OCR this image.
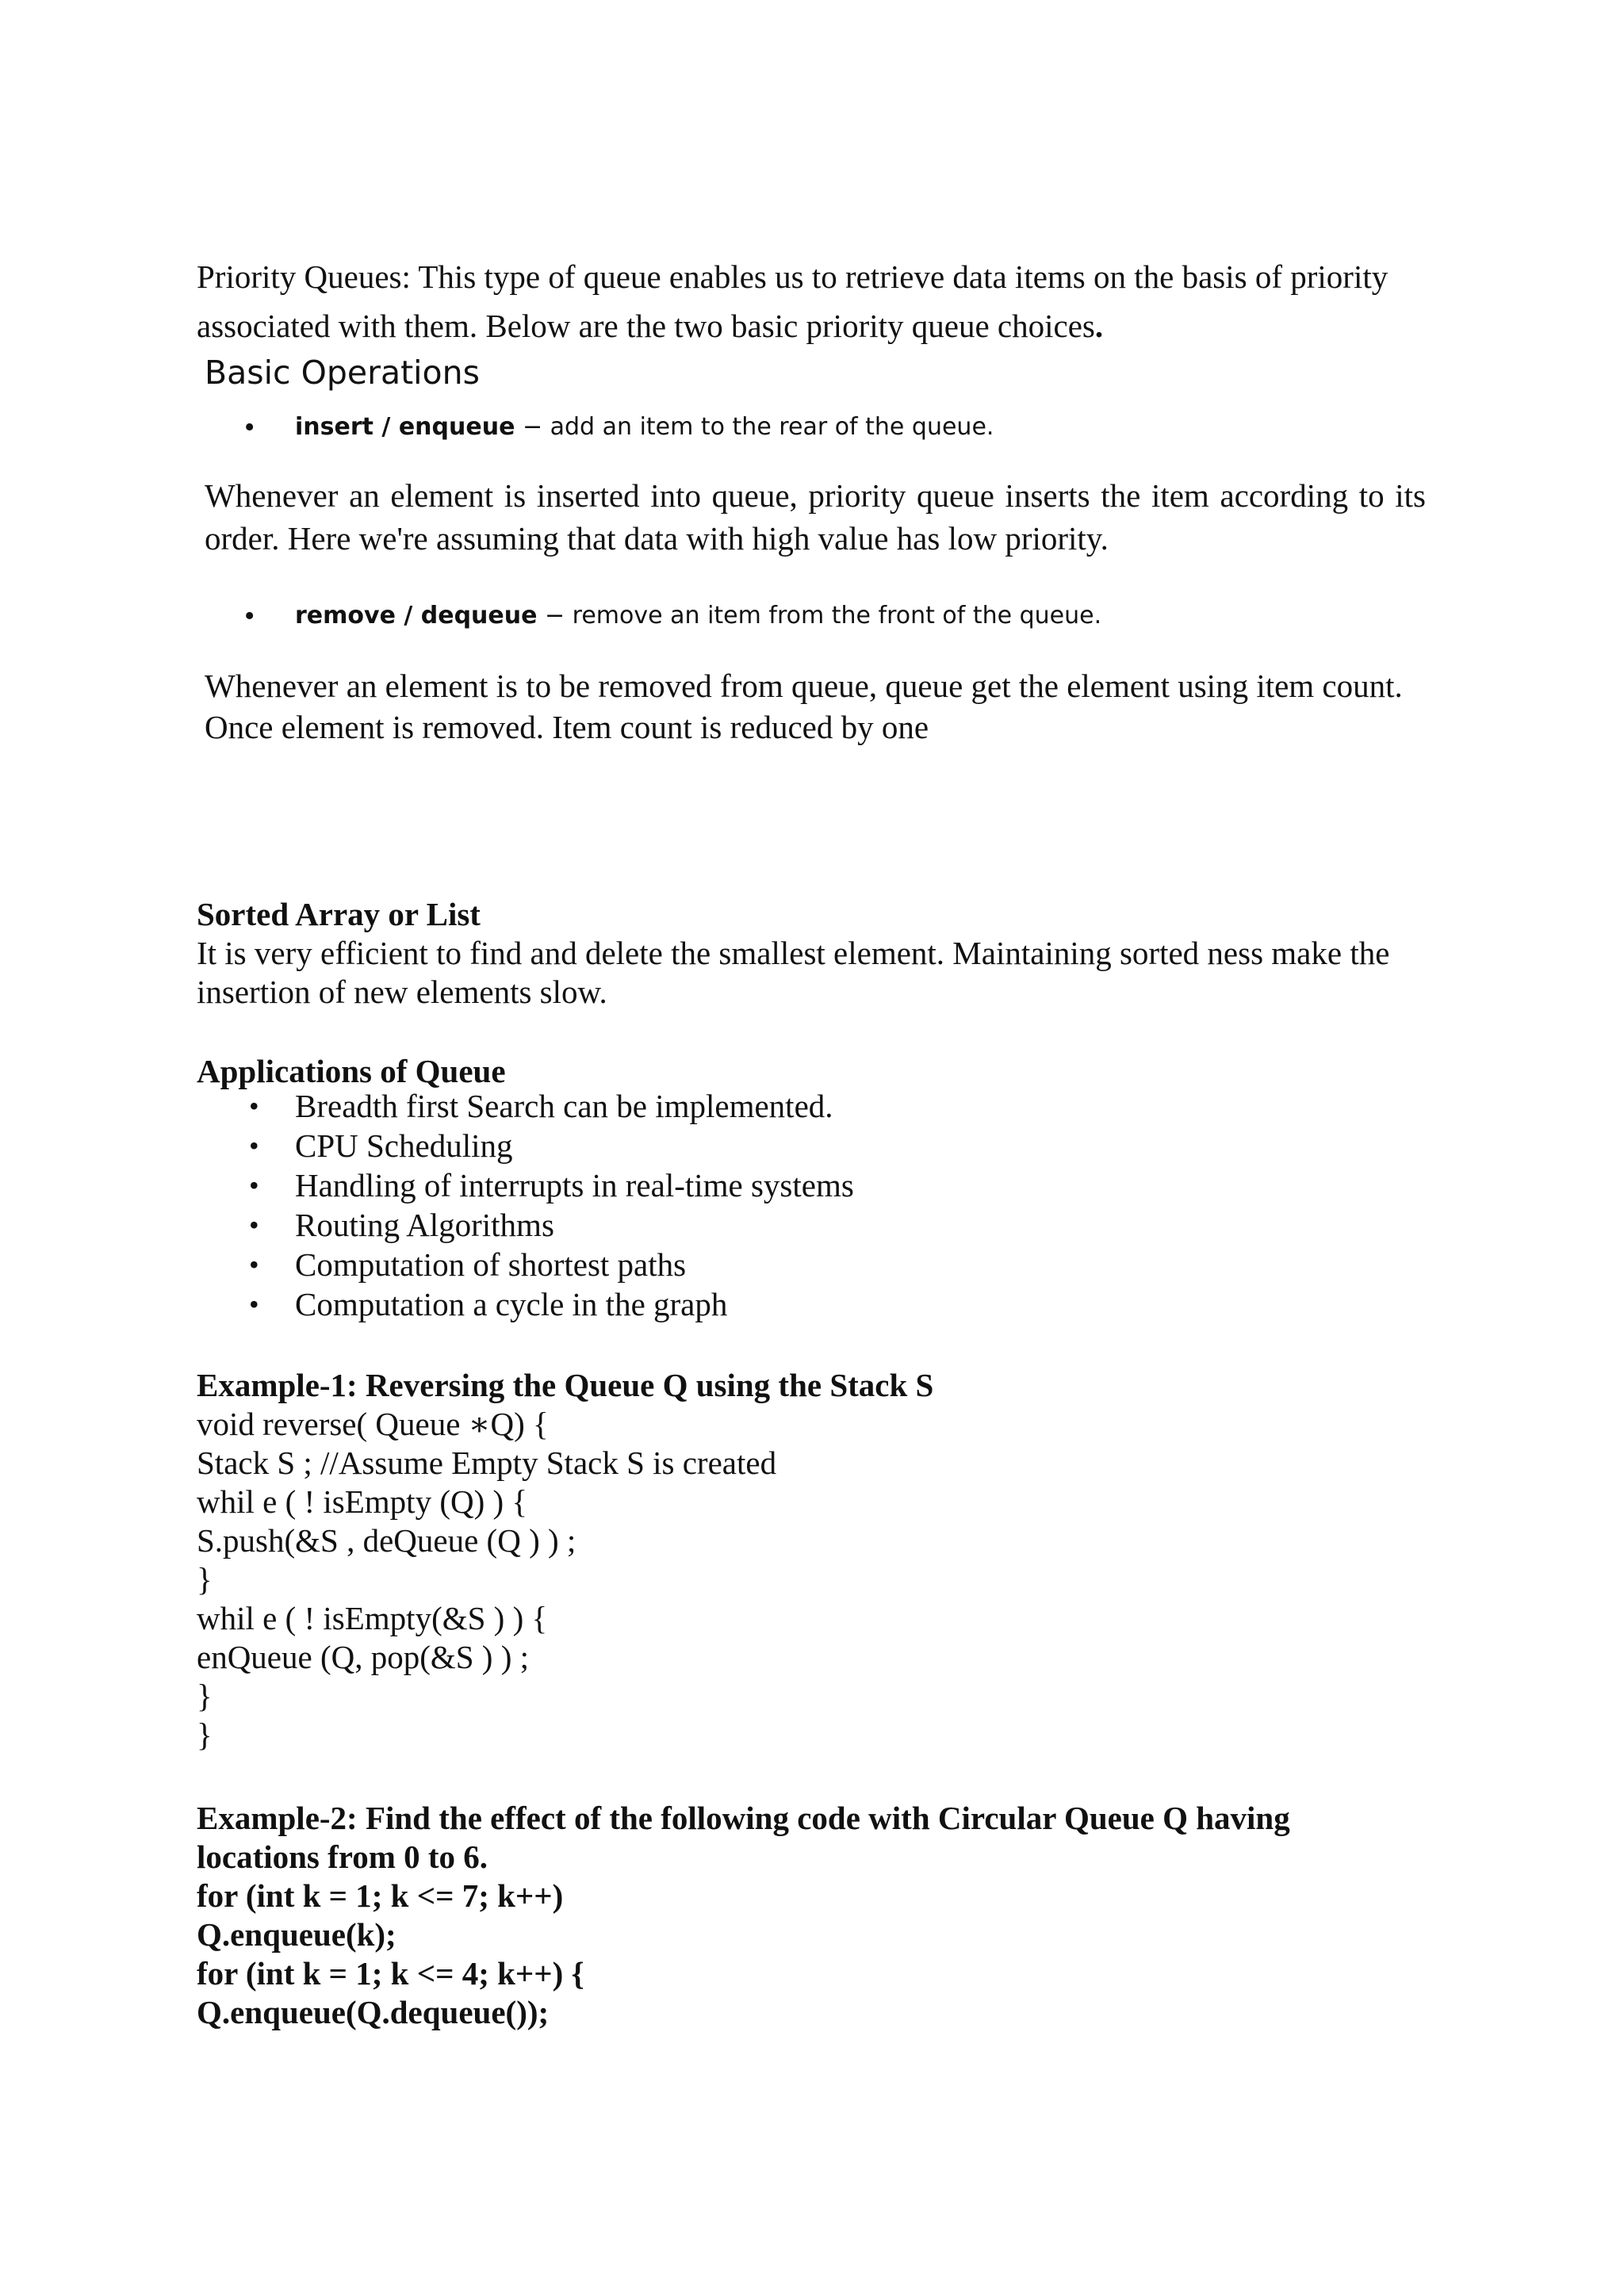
Priority Queues: This type of queue enables us to retrieve data items on the basis of priority
associated with them. Below are the two basic priority queue choices.
Basic Operations
• insert / enqueue − add an item to the rear of the queue.
Whenever an element is inserted into queue, priority queue inserts the item according to its order. Here we're assuming that data with high value has low priority.
• remove / dequeue − remove an item from the front of the queue.
Whenever an element is to be removed from queue, queue get the element using item count.
Once element is removed. Item count is reduced by one
Sorted Array or List
It is very efficient to find and delete the smallest element. Maintaining sorted ness make the
insertion of new elements slow.
Applications of Queue
• Breadth first Search can be implemented.
• CPU Scheduling
• Handling of interrupts in real-time systems
• Routing Algorithms
• Computation of shortest paths
• Computation a cycle in the graph
Example-1: Reversing the Queue Q using the Stack S
void reverse( Queue ∗Q) {
Stack S ; //Assume Empty Stack S is created
whil e ( ! isEmpty (Q) ) {
S.push(&S , deQueue (Q ) ) ;
}
whil e ( ! isEmpty(&S ) ) {
enQueue (Q, pop(&S ) ) ;
}
}
Example-2: Find the effect of the following code with Circular Queue Q having
locations from 0 to 6.
for (int k = 1; k <= 7; k++)
Q.enqueue(k);
for (int k = 1; k <= 4; k++) {
Q.enqueue(Q.dequeue());
